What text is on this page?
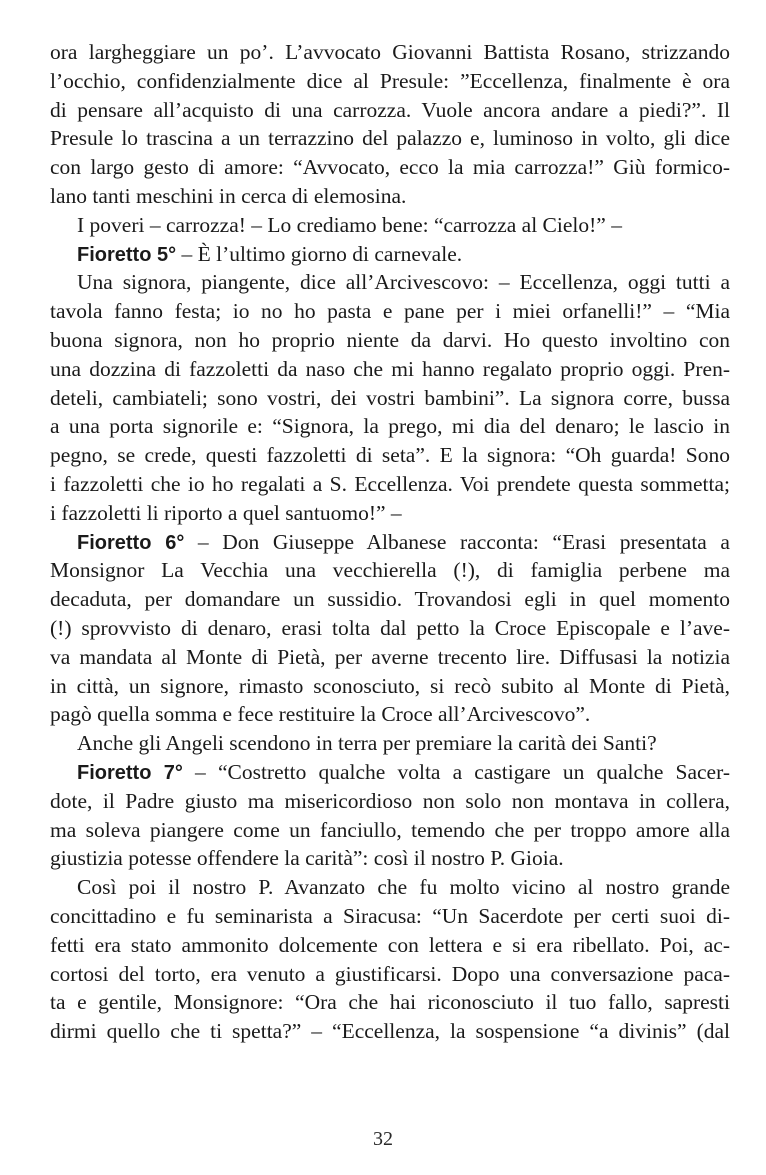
ora largheggiare un po’. L’avvocato Giovanni Battista Rosano, strizzando
l’occhio, confidenzialmente dice al Presule: ”Eccellenza, finalmente è ora
di pensare all’acquisto di una carrozza. Vuole ancora andare a piedi?”. Il
Presule lo trascina a un terrazzino del palazzo e, luminoso in volto, gli dice
con largo gesto di amore: “Avvocato, ecco la mia carrozza!” Giù formico-
lano tanti meschini in cerca di elemosina.
I poveri – carrozza! – Lo crediamo bene: “carrozza al Cielo!” –
Fioretto 5° – È l’ultimo giorno di carnevale.
Una signora, piangente, dice all’Arcivescovo: – Eccellenza, oggi tutti a
tavola fanno festa; io no ho pasta e pane per i miei orfanelli!” – “Mia
buona signora, non ho proprio niente da darvi. Ho questo involtino con
una dozzina di fazzoletti da naso che mi hanno regalato proprio oggi. Pren-
deteli, cambiateli; sono vostri, dei vostri bambini”. La signora corre, bussa
a una porta signorile e: “Signora, la prego, mi dia del denaro; le lascio in
pegno, se crede, questi fazzoletti di seta”. E la signora: “Oh guarda! Sono
i fazzoletti che io ho regalati a S. Eccellenza. Voi prendete questa sommetta;
i fazzoletti li riporto a quel santuomo!” –
Fioretto 6° – Don Giuseppe Albanese racconta: “Erasi presentata a
Monsignor La Vecchia una vecchierella (!), di famiglia perbene ma
decaduta, per domandare un sussidio. Trovandosi egli in quel momento
(!) sprovvisto di denaro, erasi tolta dal petto la Croce Episcopale e l’ave-
va mandata al Monte di Pietà, per averne trecento lire. Diffusasi la notizia
in città, un signore, rimasto sconosciuto, si recò subito al Monte di Pietà,
pagò quella somma e fece restituire la Croce all’Arcivescovo”.
Anche gli Angeli scendono in terra per premiare la carità dei Santi?
Fioretto 7° – “Costretto qualche volta a castigare un qualche Sacer-
dote, il Padre giusto ma misericordioso non solo non montava in collera,
ma soleva piangere come un fanciullo, temendo che per troppo amore alla
giustizia potesse offendere la carità”: così il nostro P. Gioia.
Così poi il nostro P. Avanzato che fu molto vicino al nostro grande
concittadino e fu seminarista a Siracusa: “Un Sacerdote per certi suoi di-
fetti era stato ammonito dolcemente con lettera e si era ribellato. Poi, ac-
cortosi del torto, era venuto a giustificarsi. Dopo una conversazione paca-
ta e gentile, Monsignore: “Ora che hai riconosciuto il tuo fallo, sapresti
dirmi quello che ti spetta?” – “Eccellenza, la sospensione “a divinis” (dal
32
